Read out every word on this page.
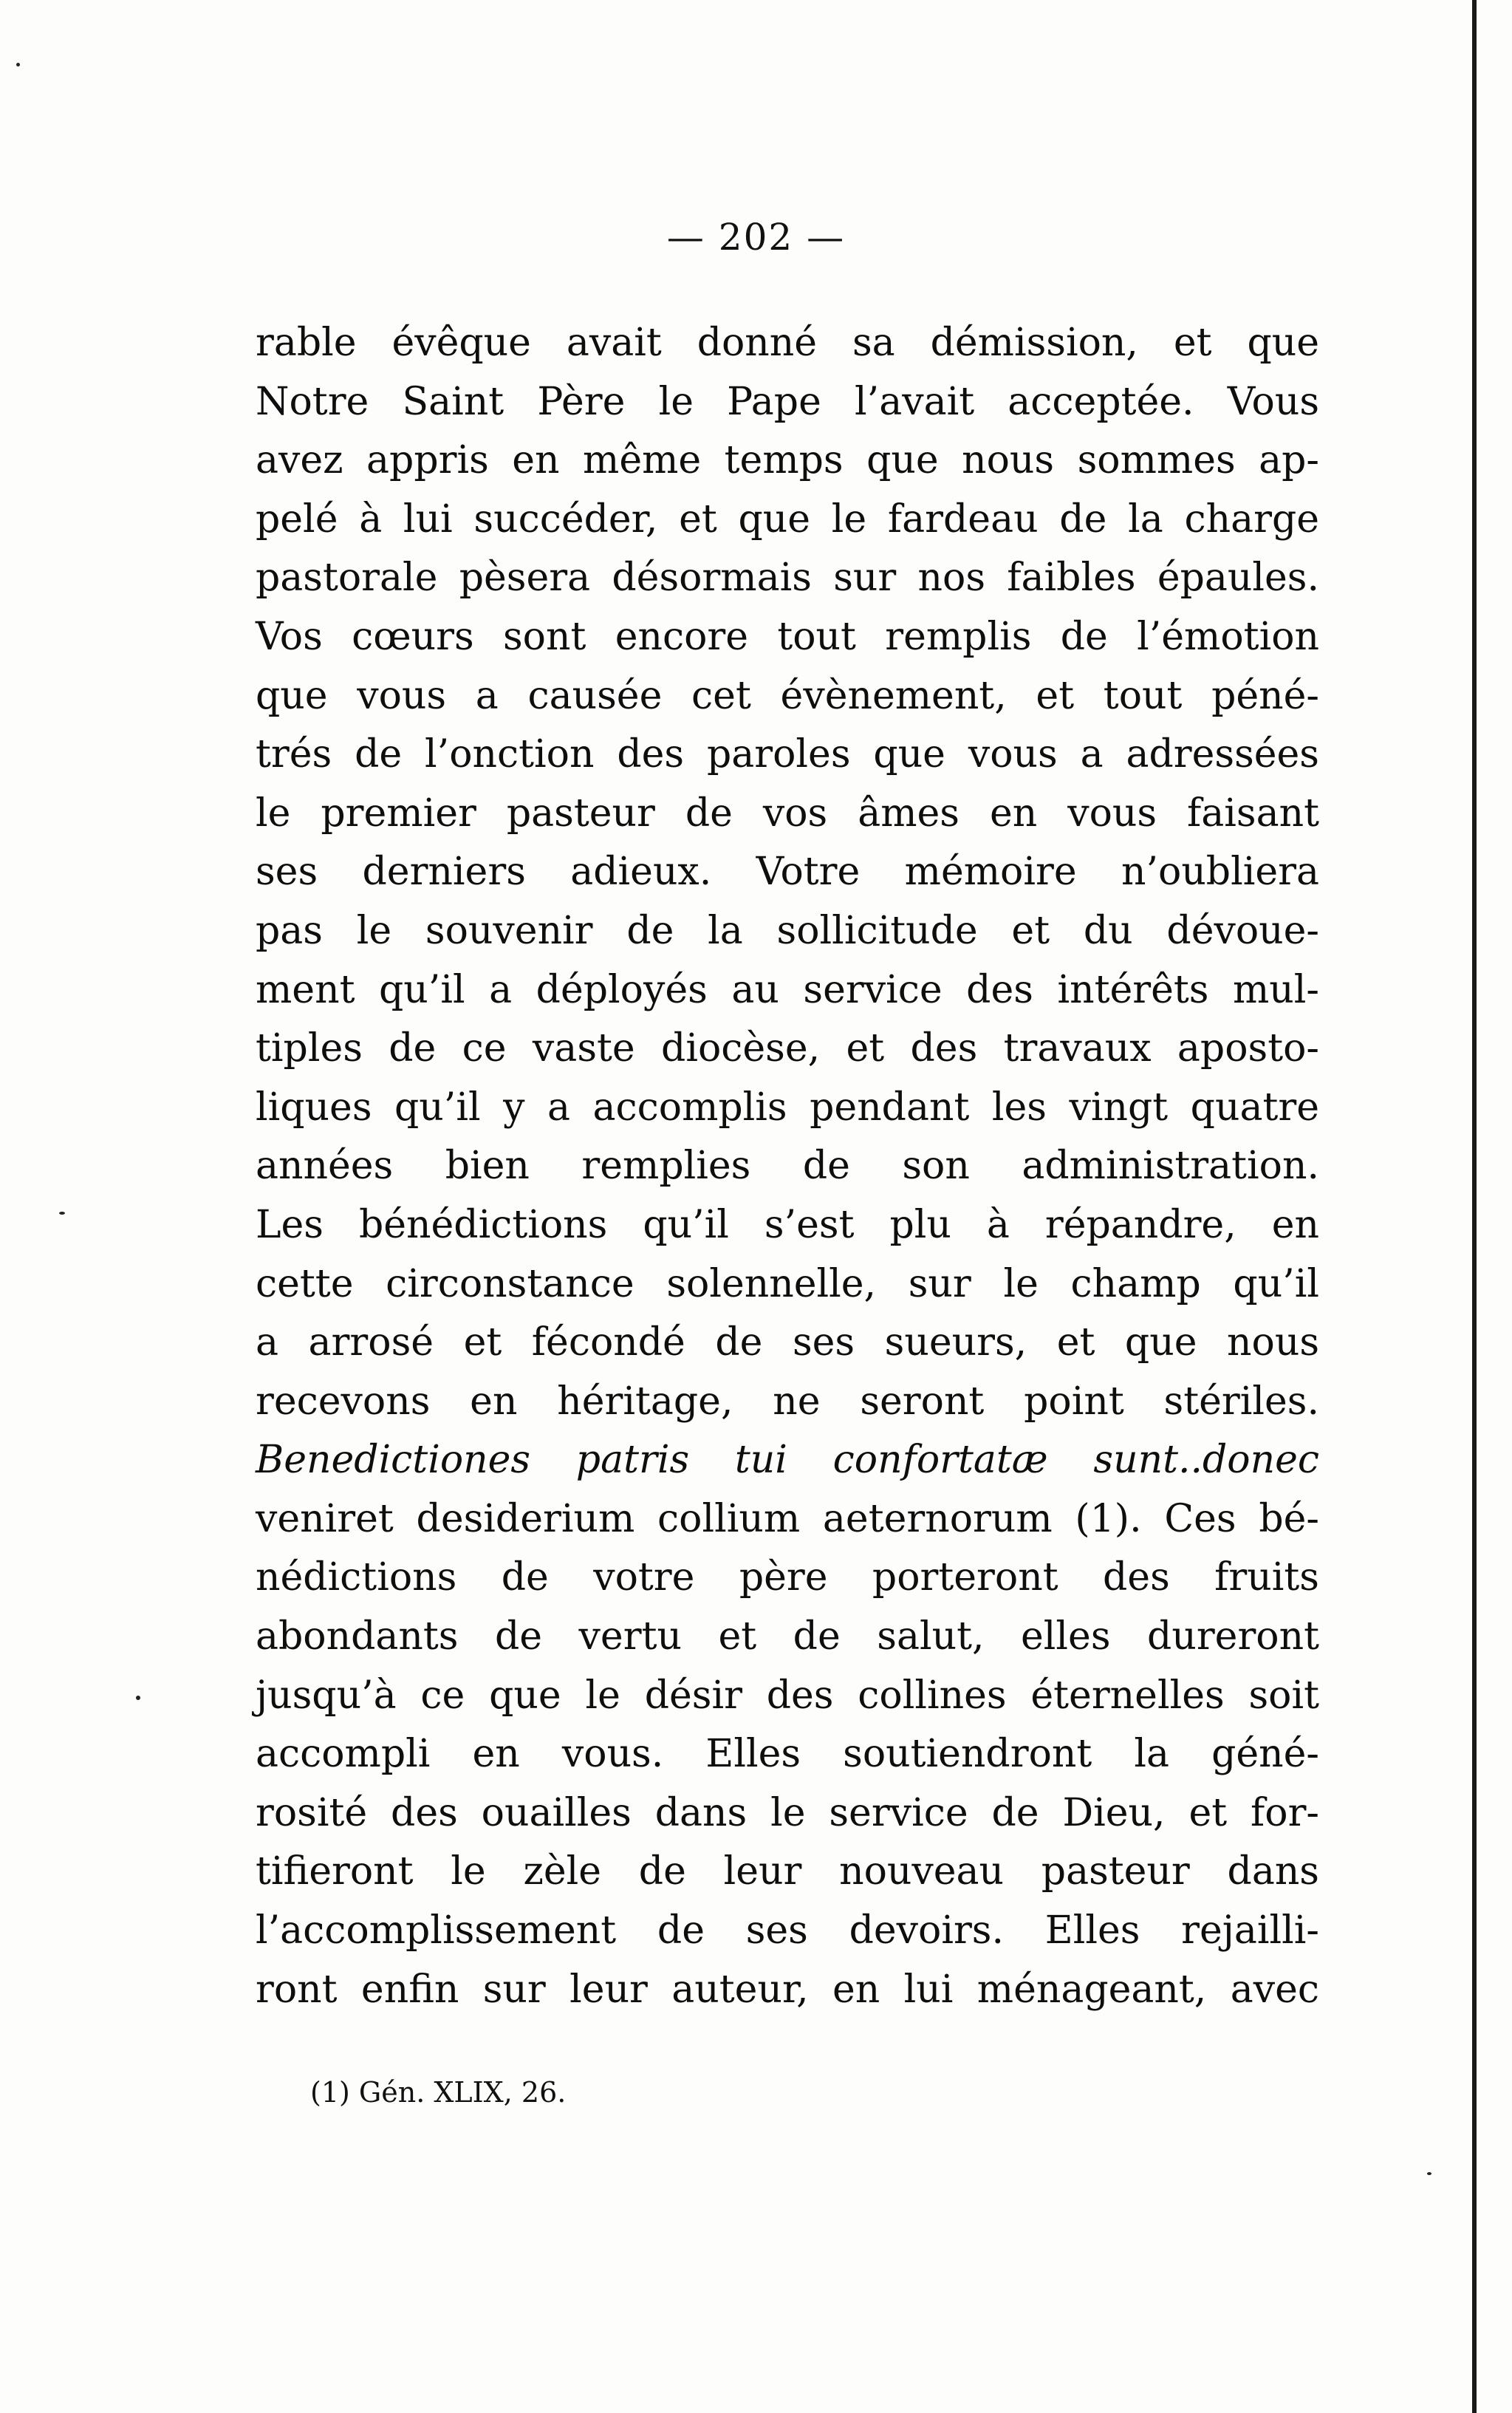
— 202 —
rable évêque avait donné sa démission, et que
Notre Saint Père le Pape l’avait acceptée. Vous
avez appris en même temps que nous sommes ap-
pelé à lui succéder, et que le fardeau de la charge
pastorale pèsera désormais sur nos faibles épaules.
Vos cœurs sont encore tout remplis de l’émotion
que vous a causée cet évènement, et tout péné-
trés de l’onction des paroles que vous a adressées
le premier pasteur de vos âmes en vous faisant
ses derniers adieux. Votre mémoire n’oubliera
pas le souvenir de la sollicitude et du dévoue-
ment qu’il a déployés au service des intérêts mul-
tiples de ce vaste diocèse, et des travaux aposto-
liques qu’il y a accomplis pendant les vingt quatre
années bien remplies de son administration.
Les bénédictions qu’il s’est plu à répandre, en
cette circonstance solennelle, sur le champ qu’il
a arrosé et fécondé de ses sueurs, et que nous
recevons en héritage, ne seront point stériles.
Benedictiones patris tui confortatæ sunt..donec
veniret desiderium collium aeternorum (1). Ces bé-
nédictions de votre père porteront des fruits
abondants de vertu et de salut, elles dureront
jusqu’à ce que le désir des collines éternelles soit
accompli en vous. Elles soutiendront la géné-
rosité des ouailles dans le service de Dieu, et for-
tifieront le zèle de leur nouveau pasteur dans
l’accomplissement de ses devoirs. Elles rejailli-
ront enfin sur leur auteur, en lui ménageant, avec
(1) Gén. XLIX, 26.
